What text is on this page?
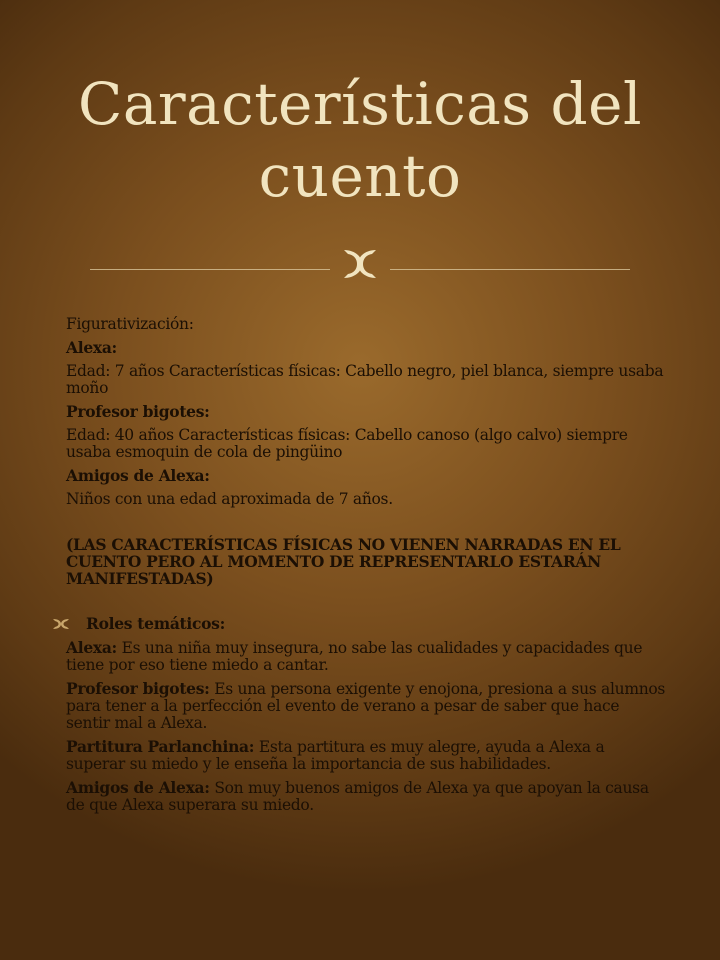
Características del
cuento

Figurativización:

Alexa:

Edad: 7 años Características físicas: Cabello negro, piel blanca, siempre usaba moño

Profesor bigotes:

Edad: 40 años Características físicas: Cabello canoso (algo calvo) siempre usaba esmoquin de cola de pingüino

Amigos de Alexa:

Niños con una edad aproximada de 7 años.

(LAS CARACTERÍSTICAS FÍSICAS NO VIENEN NARRADAS EN EL CUENTO PERO AL MOMENTO DE REPRESENTARLO ESTARÁN MANIFESTADAS)

Roles temáticos:

Alexa: Es una niña muy insegura, no sabe las cualidades y capacidades que tiene por eso tiene miedo a cantar.

Profesor bigotes: Es una persona exigente y enojona, presiona a sus alumnos para tener a la perfección el evento de verano a pesar de saber que hace sentir mal a Alexa.

Partitura Parlanchina: Esta partitura es muy alegre, ayuda a Alexa a superar su miedo y le enseña la importancia de sus habilidades.

Amigos de Alexa: Son muy buenos amigos de Alexa ya que apoyan la causa de que Alexa superara su miedo.
